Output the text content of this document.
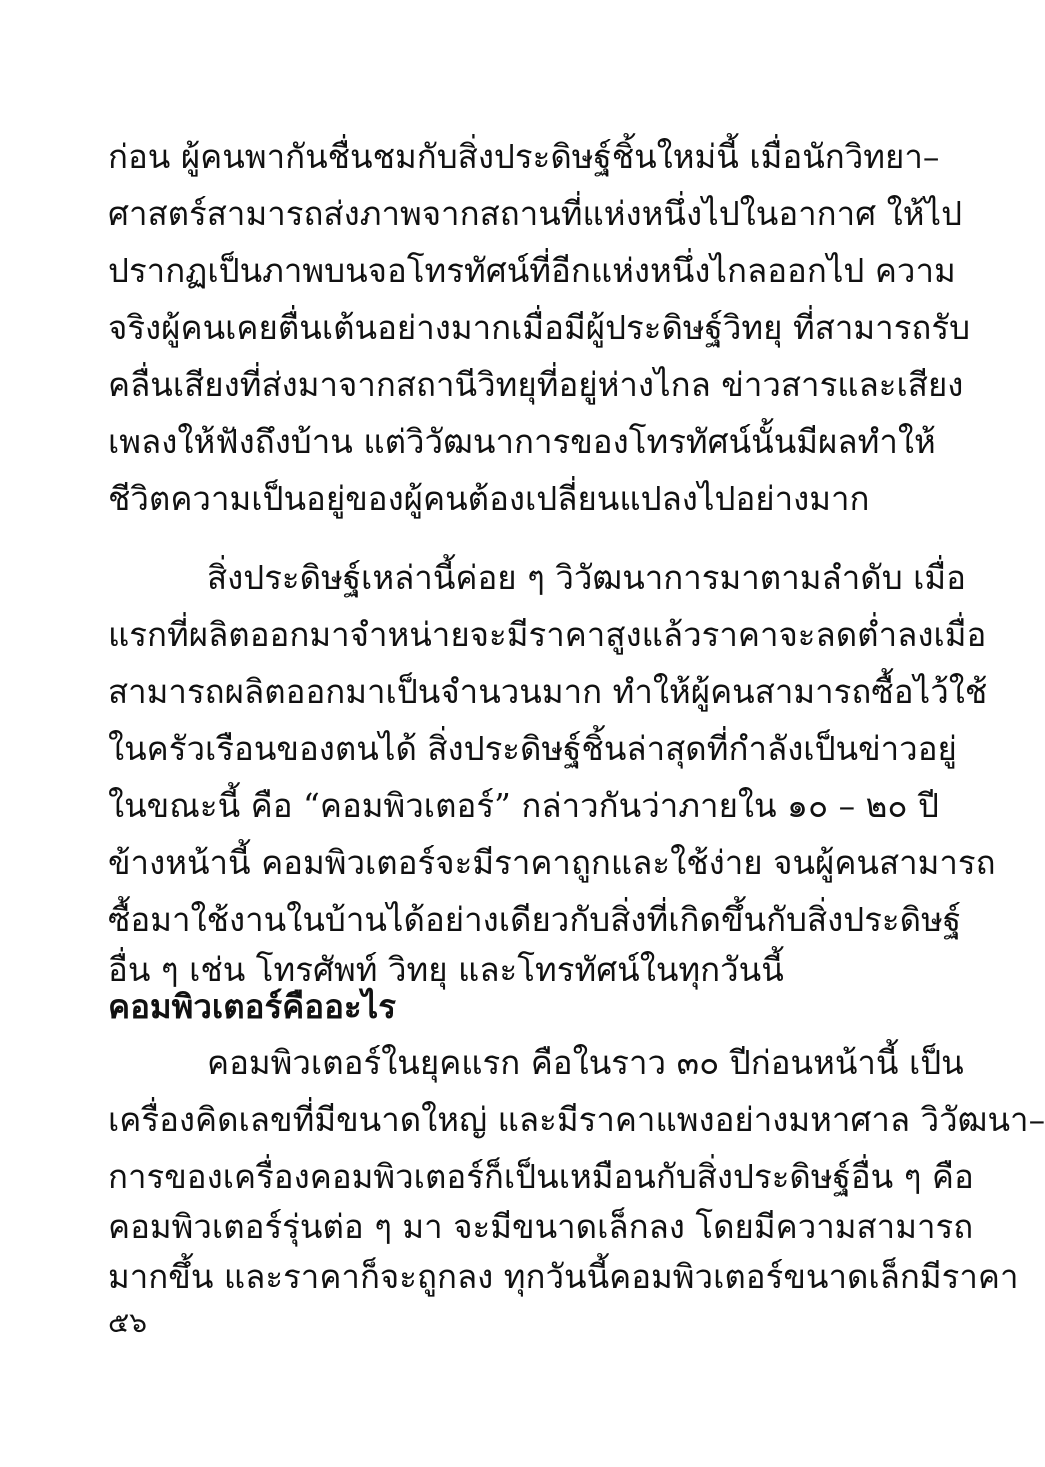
ก่อน ผู้คนพากันชื่นชมกับสิ่งประดิษฐ์ชิ้นใหม่นี้ เมื่อนักวิทยา–
ศาสตร์สามารถส่งภาพจากสถานที่แห่งหนึ่งไปในอากาศ ให้ไป
ปรากฏเป็นภาพบนจอโทรทัศน์ที่อีกแห่งหนึ่งไกลออกไป ความ
จริงผู้คนเคยตื่นเต้นอย่างมากเมื่อมีผู้ประดิษฐ์วิทยุ ที่สามารถรับ
คลื่นเสียงที่ส่งมาจากสถานีวิทยุที่อยู่ห่างไกล ข่าวสารและเสียง
เพลงให้ฟังถึงบ้าน แต่วิวัฒนาการของโทรทัศน์นั้นมีผลทำให้
ชีวิตความเป็นอยู่ของผู้คนต้องเปลี่ยนแปลงไปอย่างมาก
สิ่งประดิษฐ์เหล่านี้ค่อย ๆ วิวัฒนาการมาตามลำดับ เมื่อ
แรกที่ผลิตออกมาจำหน่ายจะมีราคาสูงแล้วราคาจะลดต่ำลงเมื่อ
สามารถผลิตออกมาเป็นจำนวนมาก ทำให้ผู้คนสามารถซื้อไว้ใช้
ในครัวเรือนของตนได้ สิ่งประดิษฐ์ชิ้นล่าสุดที่กำลังเป็นข่าวอยู่
ในขณะนี้ คือ “คอมพิวเตอร์” กล่าวกันว่าภายใน ๑๐ – ๒๐ ปี
ข้างหน้านี้ คอมพิวเตอร์จะมีราคาถูกและใช้ง่าย จนผู้คนสามารถ
ซื้อมาใช้งานในบ้านได้อย่างเดียวกับสิ่งที่เกิดขึ้นกับสิ่งประดิษฐ์
อื่น ๆ เช่น โทรศัพท์ วิทยุ และโทรทัศน์ในทุกวันนี้
คอมพิวเตอร์คืออะไร
คอมพิวเตอร์ในยุคแรก คือในราว ๓๐ ปีก่อนหน้านี้ เป็น
เครื่องคิดเลขที่มีขนาดใหญ่ และมีราคาแพงอย่างมหาศาล วิวัฒนา–
การของเครื่องคอมพิวเตอร์ก็เป็นเหมือนกับสิ่งประดิษฐ์อื่น ๆ คือ
คอมพิวเตอร์รุ่นต่อ ๆ มา จะมีขนาดเล็กลง โดยมีความสามารถ
มากขึ้น และราคาก็จะถูกลง ทุกวันนี้คอมพิวเตอร์ขนาดเล็กมีราคา
๕๖
